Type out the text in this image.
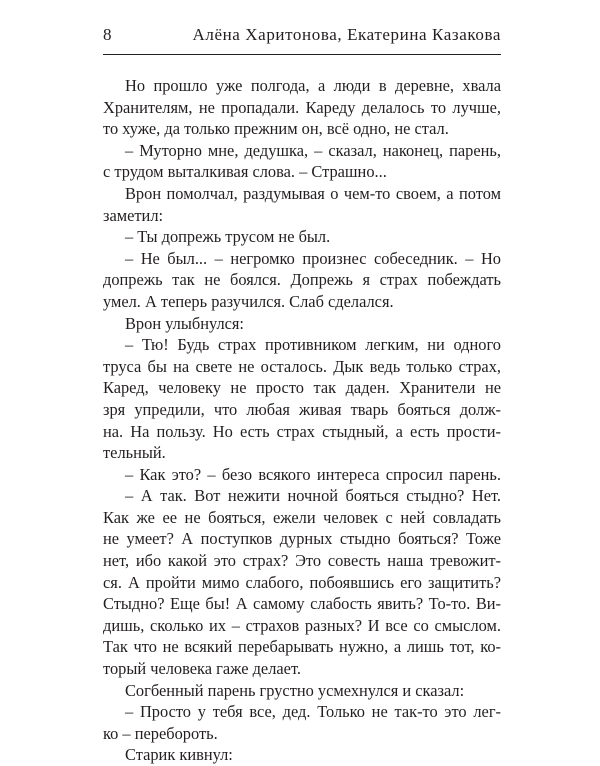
8	Алёна Харитонова, Екатерина Казакова
Но прошло уже полгода, а люди в деревне, хвала
Хранителям, не пропадали. Кареду делалось то лучше,
то хуже, да только прежним он, всё одно, не стал.
– Муторно мне, дедушка, – сказал, наконец, парень,
с трудом выталкивая слова. – Страшно...
Врон помолчал, раздумывая о чем-то своем, а потом
заметил:
– Ты допрежь трусом не был.
– Не был... – негромко произнес собеседник. – Но
допрежь так не боялся. Допрежь я страх побеждать
умел. А теперь разучился. Слаб сделался.
Врон улыбнулся:
– Тю! Будь страх противником легким, ни одного
труса бы на свете не осталось. Дык ведь только страх,
Каред, человеку не просто так даден. Хранители не
зря упредили, что любая живая тварь бояться долж-
на. На пользу. Но есть страх стыдный, а есть прости-
тельный.
– Как это? – безо всякого интереса спросил парень.
– А так. Вот нежити ночной бояться стыдно? Нет.
Как же ее не бояться, ежели человек с ней совладать
не умеет? А поступков дурных стыдно бояться? Тоже
нет, ибо какой это страх? Это совесть наша тревожит-
ся. А пройти мимо слабого, побоявшись его защитить?
Стыдно? Еще бы! А самому слабость явить? То-то. Ви-
дишь, сколько их – страхов разных? И все со смыслом.
Так что не всякий перебарывать нужно, а лишь тот, ко-
торый человека гаже делает.
Согбенный парень грустно усмехнулся и сказал:
– Просто у тебя все, дед. Только не так-то это лег-
ко – перебороть.
Старик кивнул:
